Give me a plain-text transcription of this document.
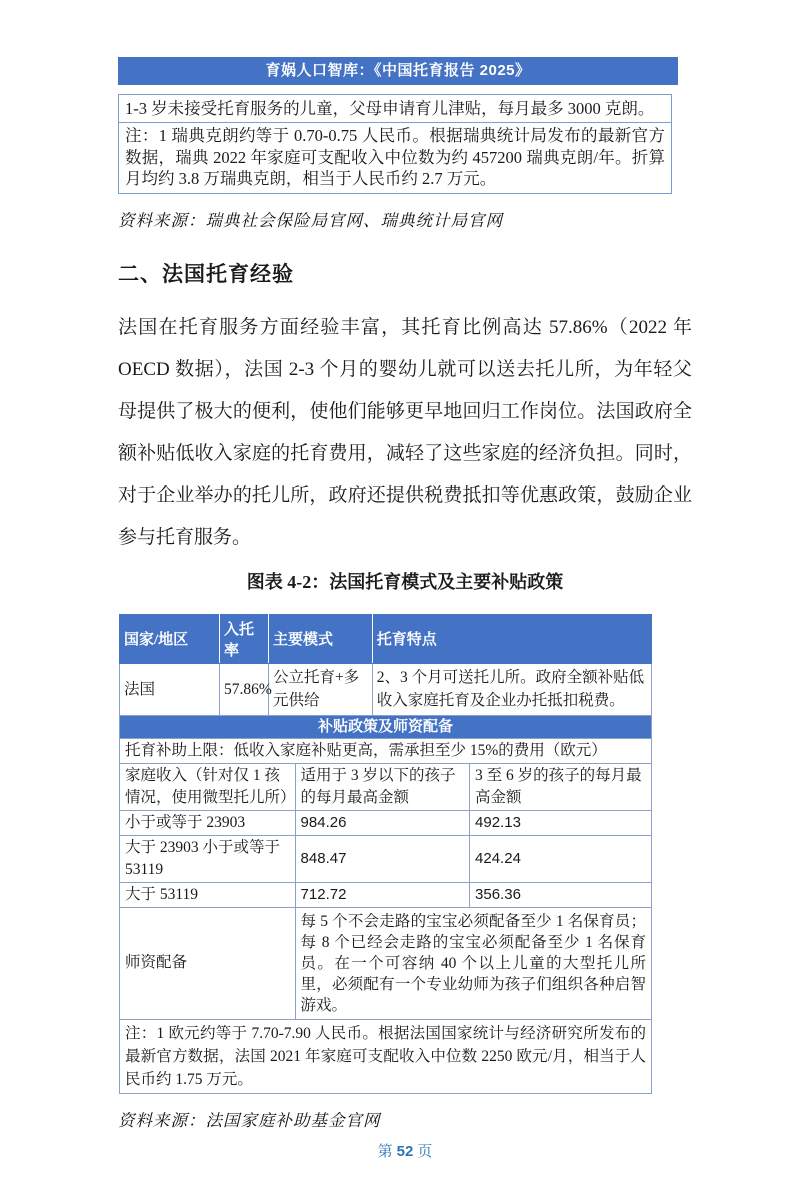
育娲人口智库：《中国托育报告 2025》
1-3 岁未接受托育服务的儿童，父母申请育儿津贴，每月最多 3000 克朗。
注：1 瑞典克朗约等于 0.70-0.75 人民币。根据瑞典统计局发布的最新官方数据，瑞典 2022 年家庭可支配收入中位数为约 457200 瑞典克朗/年。折算月均约 3.8 万瑞典克朗，相当于人民币约 2.7 万元。
资料来源：瑞典社会保险局官网、瑞典统计局官网
二、法国托育经验
法国在托育服务方面经验丰富，其托育比例高达 57.86%（2022 年 OECD 数据），法国 2-3 个月的婴幼儿就可以送去托儿所，为年轻父母提供了极大的便利，使他们能够更早地回归工作岗位。法国政府全额补贴低收入家庭的托育费用，减轻了这些家庭的经济负担。同时，对于企业举办的托儿所，政府还提供税费抵扣等优惠政策，鼓励企业参与托育服务。
图表 4-2：法国托育模式及主要补贴政策
国家/地区	入托率	主要模式	托育特点
法国	57.86%	公立托育+多元供给	2、3 个月可送托儿所。政府全额补贴低收入家庭托育及企业办托抵扣税费。
补贴政策及师资配备
托育补助上限：低收入家庭补贴更高，需承担至少 15%的费用（欧元）		
家庭收入（针对仅 1 孩情况，使用微型托儿所）	适用于 3 岁以下的孩子的每月最高金额	3 至 6 岁的孩子的每月最高金额
小于或等于 23903	984.26	492.13
大于 23903 小于或等于 53119	848.47	424.24
大于 53119	712.72	356.36
师资配备	每 5 个不会走路的宝宝必须配备至少 1 名保育员；每 8 个已经会走路的宝宝必须配备至少 1 名保育员。在一个可容纳 40 个以上儿童的大型托儿所里，必须配有一个专业幼师为孩子们组织各种启智游戏。	
注：1 欧元约等于 7.70-7.90 人民币。根据法国国家统计与经济研究所发布的最新官方数据，法国 2021 年家庭可支配收入中位数 2250 欧元/月，相当于人民币约 1.75 万元。		
资料来源：法国家庭补助基金官网
第 52 页
